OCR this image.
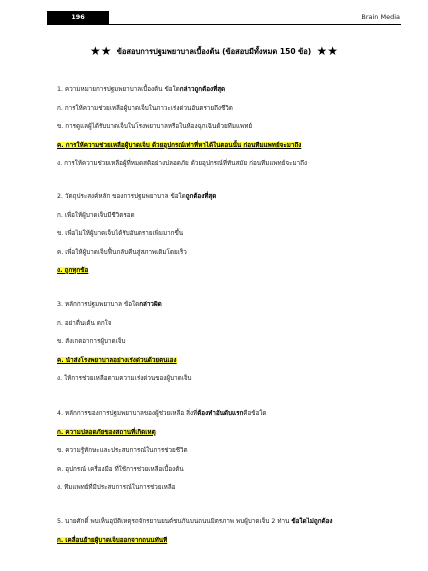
196	Brain Media
★★ ข้อสอบการปฐมพยาบาลเบื้องต้น (ข้อสอบมีทั้งหมด 150 ข้อ) ★★
1. ความหมายการปฐมพยาบาลเบื้องต้น ข้อใดกล่าวถูกต้องที่สุด
ก. การให้ความช่วยเหลือผู้บาดเจ็บในภาวะเร่งด่วนอันตรายถึงชีวิต
ข. การดูแลผู้ได้รับบาดเจ็บในโรงพยาบาลหรือในห้องฉุกเฉินด้วยทีมแพทย์
ค. การให้ความช่วยเหลือผู้บาดเจ็บ ด้วยอุปกรณ์เท่าที่หาได้ในตอนนั้น ก่อนทีมแพทย์จะมาถึง
ง. การให้ความช่วยเหลือผู้ที่หมดสติอย่างปลอดภัย ด้วยอุปกรณ์ที่ทันสมัย ก่อนทีมแพทย์จะมาถึง
2. วัตถุประสงค์หลัก ของการปฐมพยาบาล ข้อใดถูกต้องที่สุด
ก. เพื่อให้ผู้บาดเจ็บมีชีวิตรอด
ข. เพื่อไม่ให้ผู้บาดเจ็บได้รับอันตรายเพิ่มมากขึ้น
ค. เพื่อให้ผู้บาดเจ็บฟื้นกลับคืนสู่สภาพเดิมโดยเร็ว
ง. ถูกทุกข้อ
3. หลักการปฐมพยาบาล ข้อใดกล่าวผิด
ก. อย่าตื่นเต้น ตกใจ
ข. สังเกตอาการผู้บาดเจ็บ
ค. นำส่งโรงพยาบาลอย่างเร่งด่วนด้วยตนเอง
ง. ให้การช่วยเหลือตามความเร่งด่วนของผู้บาดเจ็บ
4. หลักการของการปฐมพยาบาลของผู้ช่วยเหลือ สิ่งที่ต้องทำอันดับแรกคือข้อใด
ก. ความปลอดภัยของสถานที่เกิดเหตุ
ข. ความรู้ทักษะและประสบการณ์ในการช่วยชีวิต
ค. อุปกรณ์ เครื่องมือ ที่ใช้การช่วยเหลือเบื้องต้น
ง. ทีมแพทย์ที่มีประสบการณ์ในการช่วยเหลือ
5. นายศักดิ์ พบเห็นอุบัติเหตุรถจักรยานยนต์ชนกันบนถนนมิตรภาพ พบผู้บาดเจ็บ 2 ท่าน ข้อใดไม่ถูกต้อง
ก. เคลื่อนย้ายผู้บาดเจ็บออกจากถนนทันที
